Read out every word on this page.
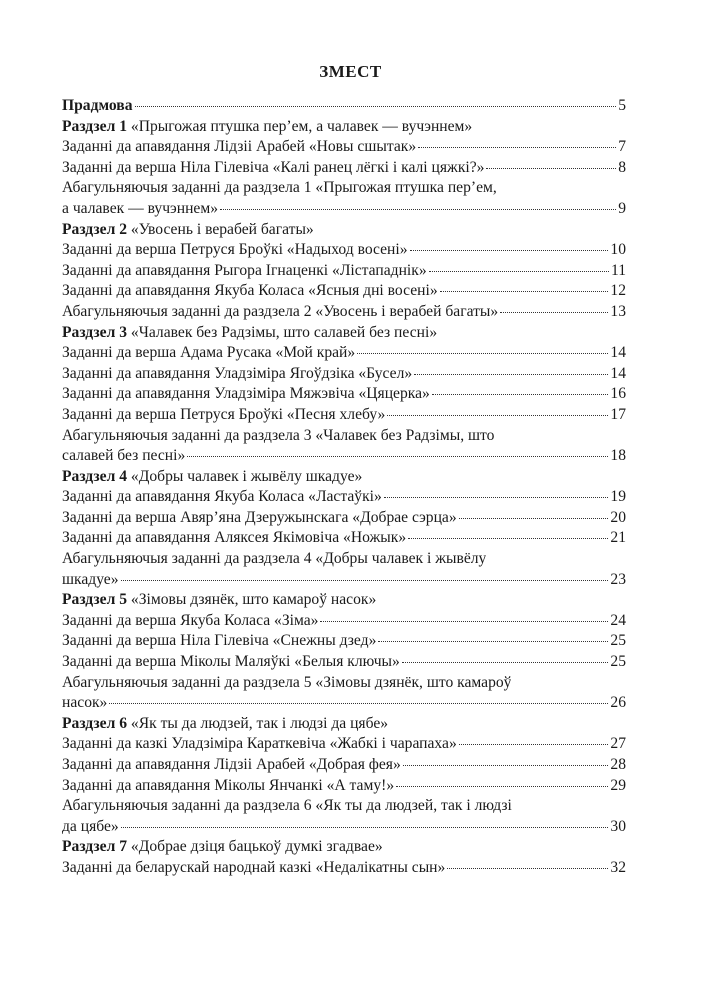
ЗМЕСТ
Прадмова	5
Раздзел 1 «Прыгожая птушка пер’ем, а чалавек — вучэннем»
Заданні да апавядання Лідзіі Арабей «Новы сшытак»	7
Заданні да верша Ніла Гілевіча «Калі ранец лёгкі і калі цяжкі?»	8
Абагульняючыя заданні да раздзела 1 «Прыгожая птушка пер’ем,
а чалавек — вучэннем»	9
Раздзел 2 «Увосень і верабей багаты»
Заданні да верша Петруся Броўкі «Надыход восені»	10
Заданні да апавядання Рыгора Ігнаценкі «Лістападнік»	11
Заданні да апавядання Якуба Коласа «Ясныя дні восені»	12
Абагульняючыя заданні да раздзела 2 «Увосень і верабей багаты»	13
Раздзел 3 «Чалавек без Радзімы, што салавей без песні»
Заданні да верша Адама Русака «Мой край»	14
Заданні да апавядання Уладзіміра Ягоўдзіка «Бусел»	14
Заданні да апавядання Уладзіміра Мяжэвіча «Цяцерка»	16
Заданні да верша Петруся Броўкі «Песня хлебу»	17
Абагульняючыя заданні да раздзела 3 «Чалавек без Радзімы, што
салавей без песні»	18
Раздзел 4 «Добры чалавек і жывёлу шкадуе»
Заданні да апавядання Якуба Коласа «Ластаўкі»	19
Заданні да верша Авяр’яна Дзеружынскага «Добрае сэрца»	20
Заданні да апавядання Аляксея Якімовіча «Ножык»	21
Абагульняючыя заданні да раздзела 4 «Добры чалавек і жывёлу
шкадуе»	23
Раздзел 5 «Зімовы дзянёк, што камароў насок»
Заданні да верша Якуба Коласа «Зіма»	24
Заданні да верша Ніла Гілевіча «Снежны дзед»	25
Заданні да верша Міколы Маляўкі «Белыя ключы»	25
Абагульняючыя заданні да раздзела 5 «Зімовы дзянёк, што камароў
насок»	26
Раздзел 6 «Як ты да людзей, так і людзі да цябе»
Заданні да казкі Уладзіміра Караткевіча «Жабкі і чарапаха»	27
Заданні да апавядання Лідзіі Арабей «Добрая фея»	28
Заданні да апавядання Міколы Янчанкі «А таму!»	29
Абагульняючыя заданні да раздзела 6 «Як ты да людзей, так і людзі
да цябе»	30
Раздзел 7 «Добрае дзіця бацькоў думкі згадвае»
Заданні да беларускай народнай казкі «Недалікатны сын»	32
